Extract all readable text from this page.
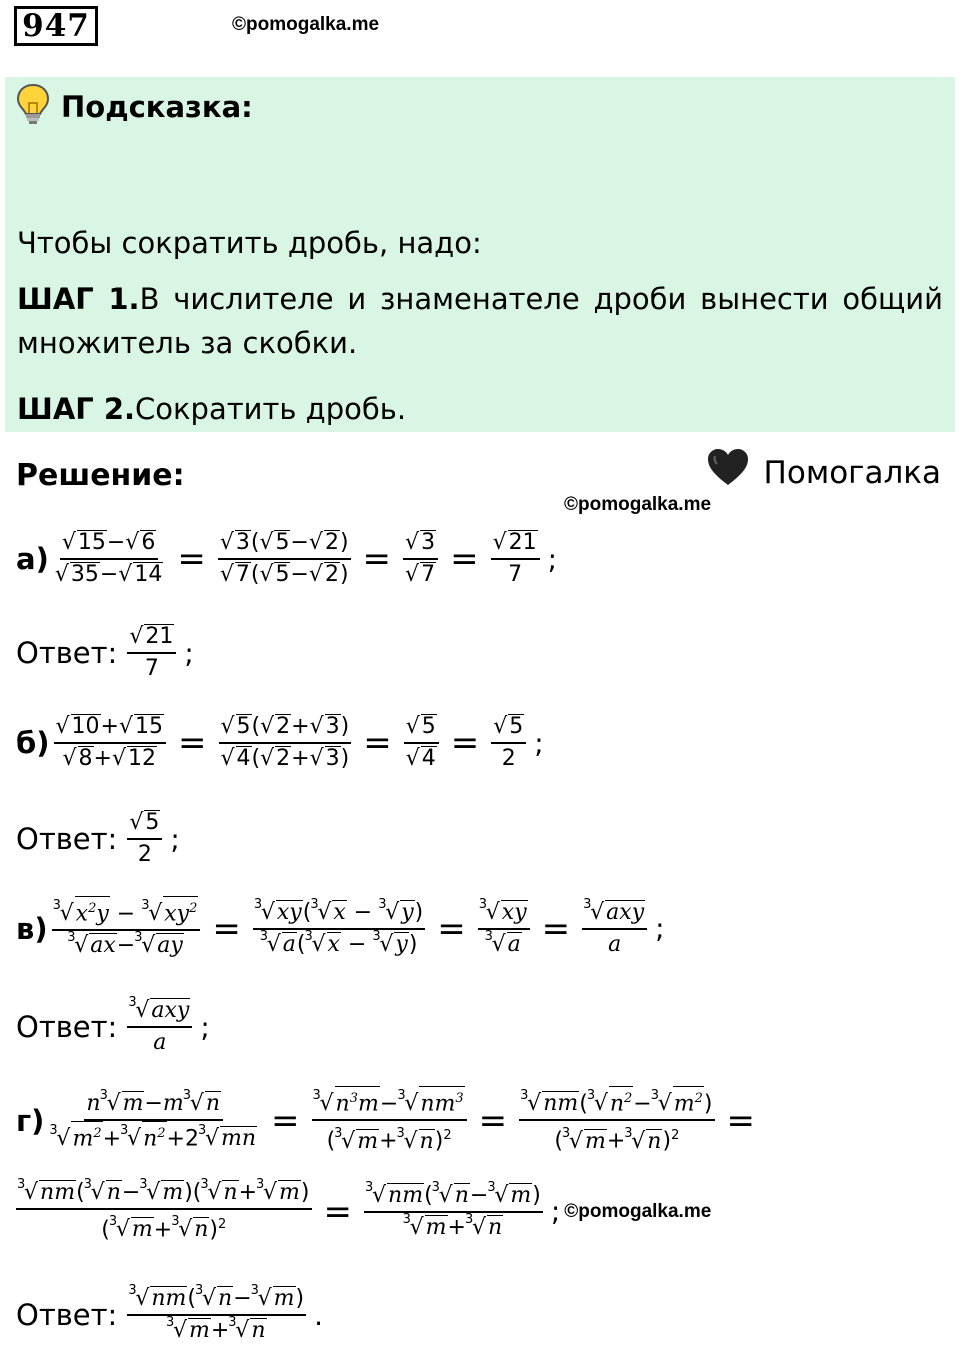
947	©pomogalka.me
Подсказка:

Чтобы сократить дробь, надо:

ШАГ 1.В числителе и знаменателе дроби вынести общий множитель за скобки.

ШАГ 2.Сократить дробь.

Помогалка
Решение:
©pomogalka.me
а)
√ 15−√ 6
√ 35−√ 14 =
√ 3(√ 5−√ 2)
√ 7(√ 5−√ 2) =
√ 3
√ 7 =
√ $\frac{21}{7}$ ;
Ответ:
√	21
7 ;
б)
√ 10+√ 15
√ 8+√ 12 =
√ 5(√ 2+√ 3)
√ 4(√ 2+√ 3) =
√ 5
√ 4 =
√ $\frac{5}{2}$ ;
Ответ:
√	5
2 ;
в) 3
√ $x^2y - 3$
√ $xy^2$
3
√ ax− 3
√ ay = 3
√ xy( 3
√ x − 3
√ y)
3
√ a( 3
√ x − 3
√ y) = 3
√ xy
3
√ a =
3
√ axy
a ;
Ответ:
3
√ axy
a ;
г) n 3
√ m−m 3
√ n
3
√ $m^2+ 3$
√ $n^2+2$ 3
√ mn = 3
√ $n^3m- 3$
√ $nm^3$
( 3
√ m+ 3
√ n)$^2$ = 3
√ nm( 3
√ $n^2- 3$
√ $m^2$)
( 3
√ m+ 3
√ n)$^2$ =
3
√ nm( 3
√ n− 3
√ m)( 3
√ n+ 3
√ m)
( 3
√ m+ 3
√ n)$^2$ = 3
√ nm( 3
√ n− 3
√ m)
3
√ m+ 3
√ n ; ©pomogalka.me
Ответ:
3
√ nm( 3
√ n− 3
√ m)
3
√ m+ 3
√ n .
